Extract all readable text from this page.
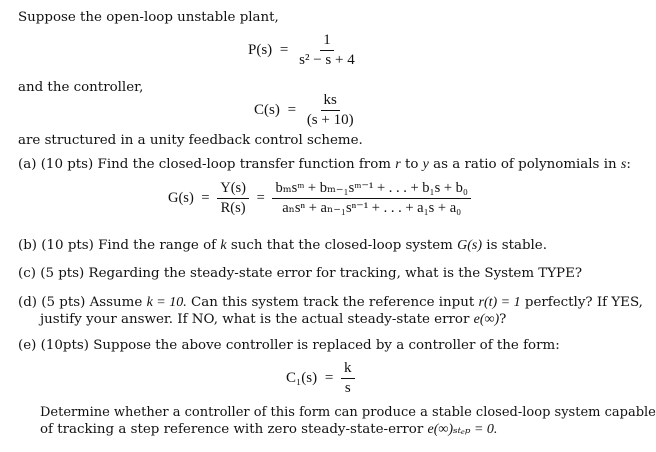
Suppose the open-loop unstable plant,
$P(s) = \frac{1}{\text{s² − s + 4}}$
and the controller,
$C(s) = \frac{ks}{(s + 10)}$
are structured in a unity feedback control scheme.
(a) (10 pts) Find the closed-loop transfer function from r to y as a ratio of polynomials in s:
$G(s) = \frac{Y(s)}{R(s)} = \frac{\text{bₘsᵐ + bₘ₋₁sᵐ⁻¹ + . . . + b₁s + b₀}}{\text{aₙsⁿ + aₙ₋₁sⁿ⁻¹ + . . . + a₁s + a₀}}$
(b) (10 pts) Find the range of k such that the closed-loop system G(s) is stable.
(c) (5 pts) Regarding the steady-state error for tracking, what is the System TYPE?
(d) (5 pts) Assume k = 10. Can this system track the reference input r(t) = 1 perfectly? If YES,
justify your answer. If NO, what is the actual steady-state error e(∞)?
(e) (10pts) Suppose the above controller is replaced by a controller of the form:
$C_1(s) = \frac{k}{s}$
Determine whether a controller of this form can produce a stable closed-loop system capable
of tracking a step reference with zero steady-state-error e(∞)ₛₜₑₚ = 0.
